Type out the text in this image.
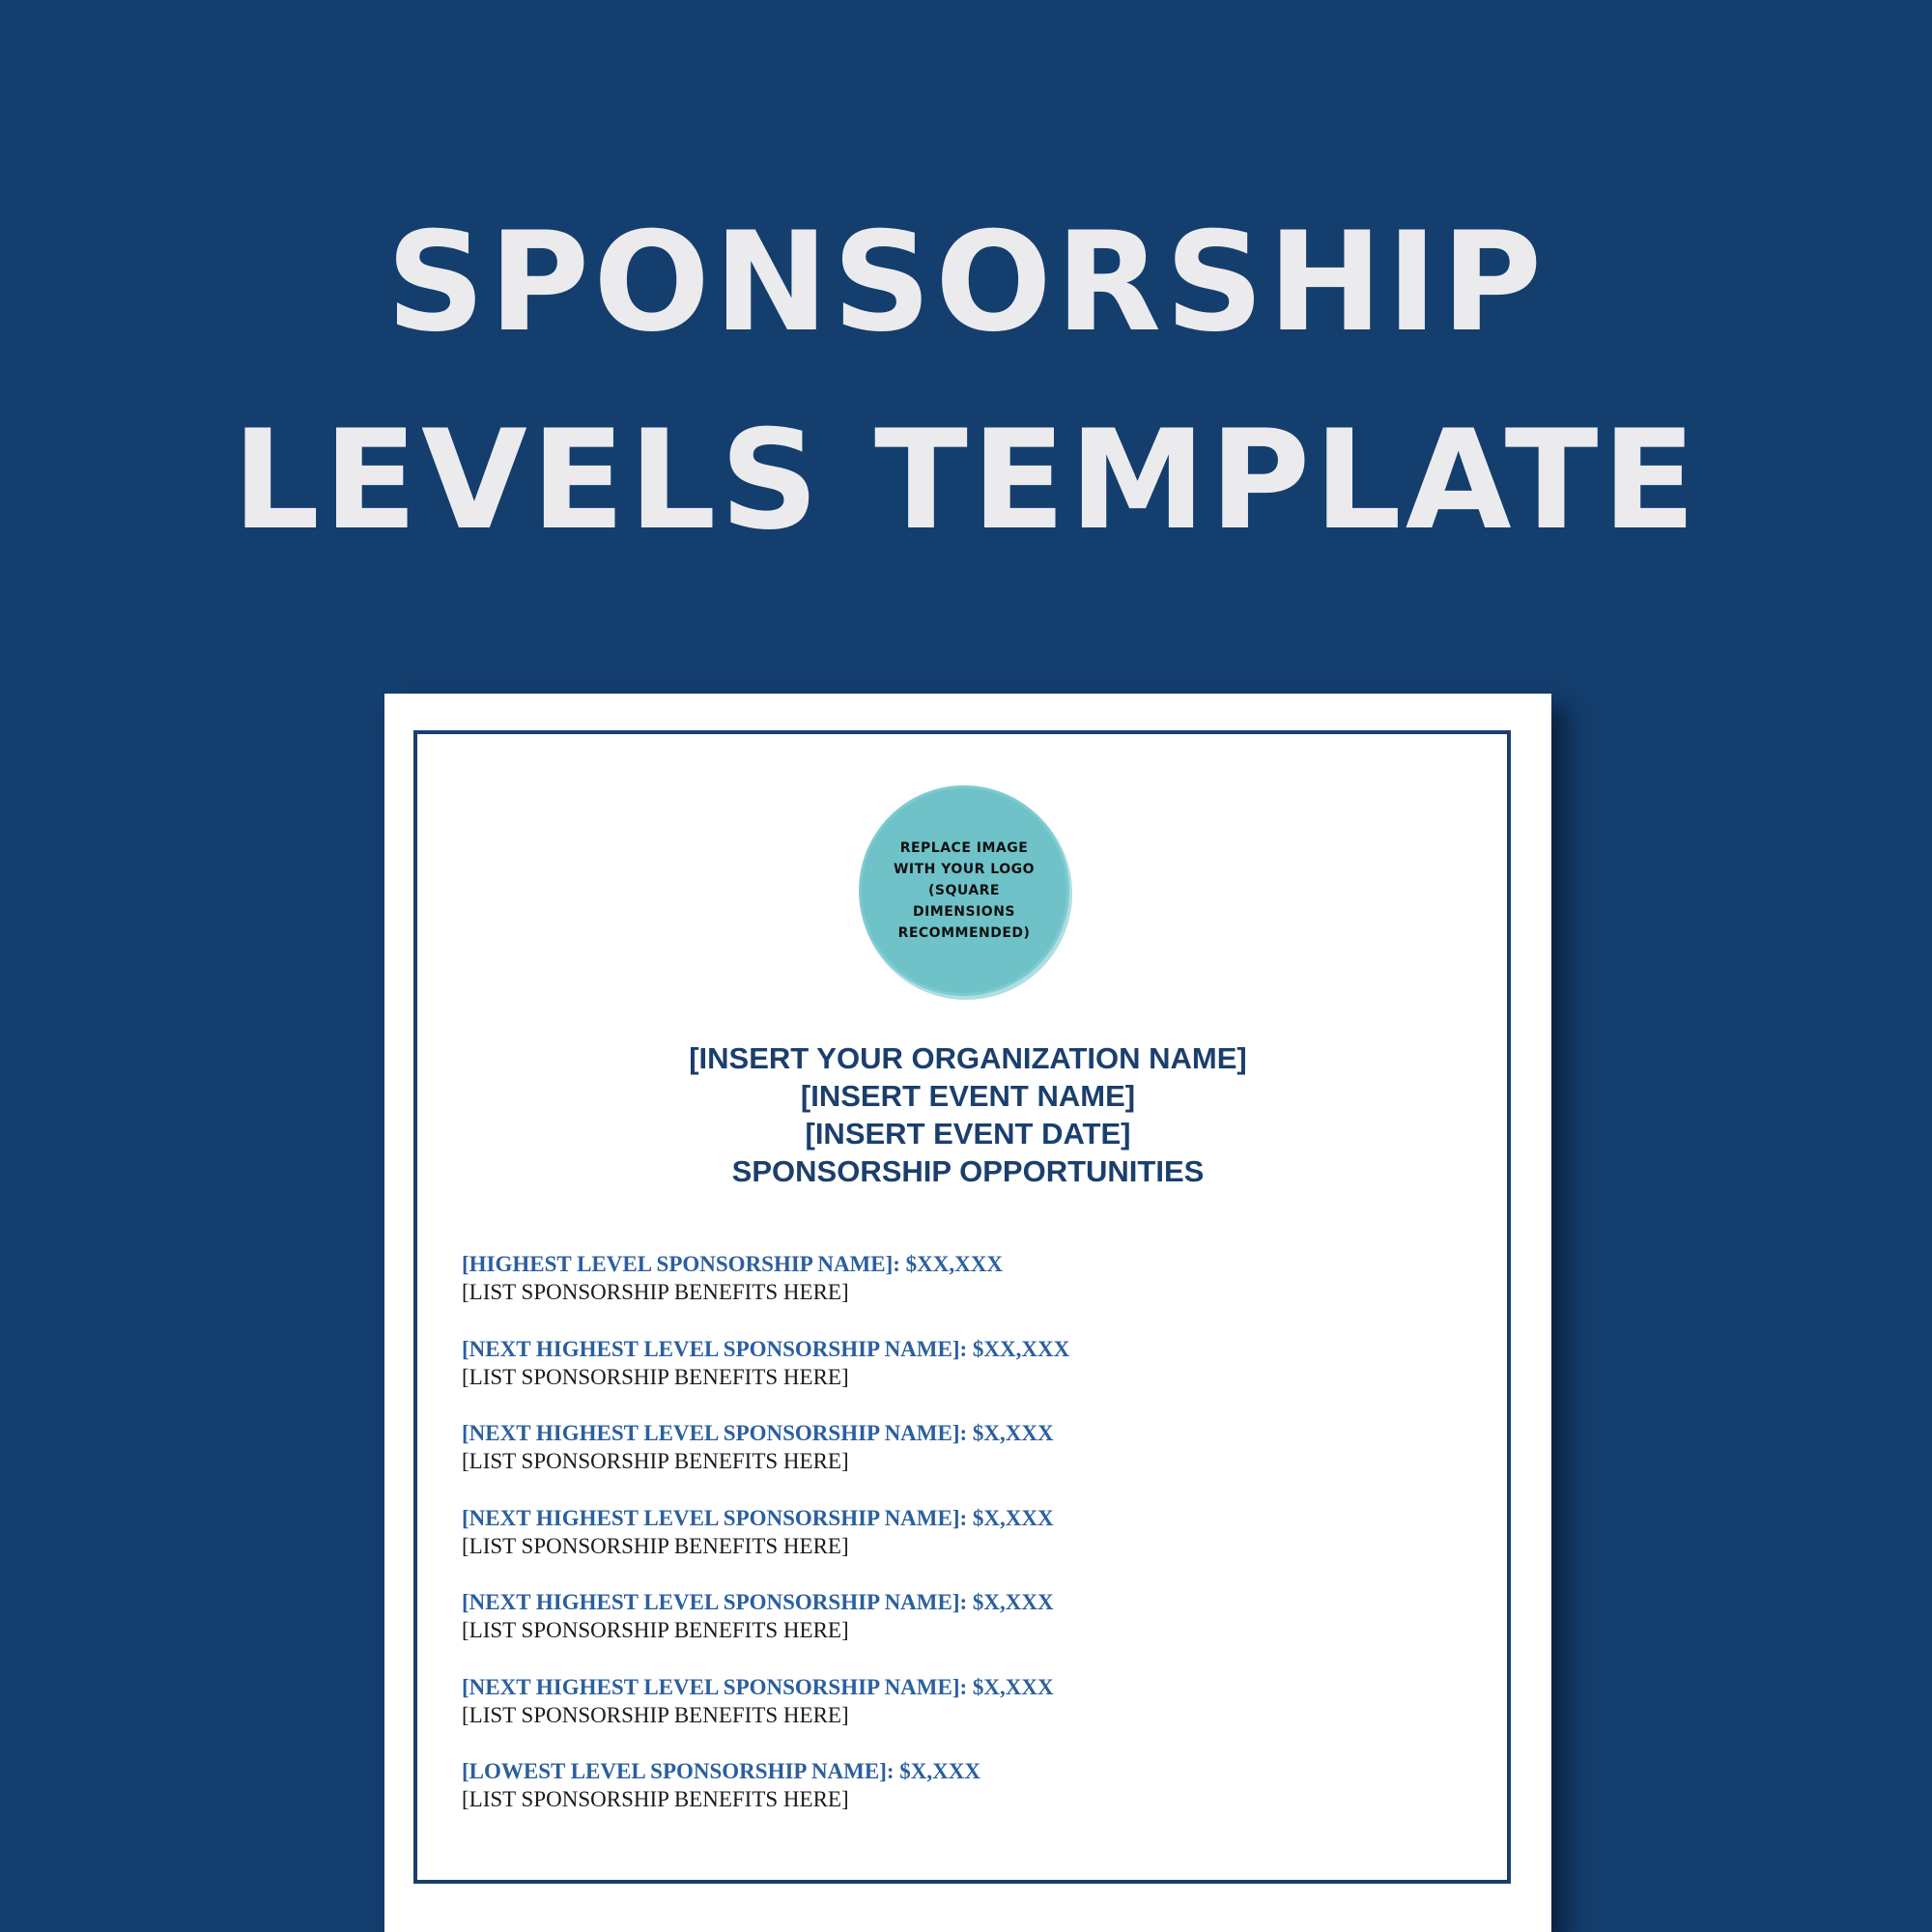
SPONSORSHIP
LEVELS TEMPLATE
REPLACE IMAGE
WITH YOUR LOGO
(SQUARE
DIMENSIONS
RECOMMENDED)
[INSERT YOUR ORGANIZATION NAME]
[INSERT EVENT NAME]
[INSERT EVENT DATE]
SPONSORSHIP OPPORTUNITIES
[HIGHEST LEVEL SPONSORSHIP NAME]: $XX,XXX
[LIST SPONSORSHIP BENEFITS HERE]
[NEXT HIGHEST LEVEL SPONSORSHIP NAME]: $XX,XXX
[LIST SPONSORSHIP BENEFITS HERE]
[NEXT HIGHEST LEVEL SPONSORSHIP NAME]: $X,XXX
[LIST SPONSORSHIP BENEFITS HERE]
[NEXT HIGHEST LEVEL SPONSORSHIP NAME]: $X,XXX
[LIST SPONSORSHIP BENEFITS HERE]
[NEXT HIGHEST LEVEL SPONSORSHIP NAME]: $X,XXX
[LIST SPONSORSHIP BENEFITS HERE]
[NEXT HIGHEST LEVEL SPONSORSHIP NAME]: $X,XXX
[LIST SPONSORSHIP BENEFITS HERE]
[LOWEST LEVEL SPONSORSHIP NAME]: $X,XXX
[LIST SPONSORSHIP BENEFITS HERE]
